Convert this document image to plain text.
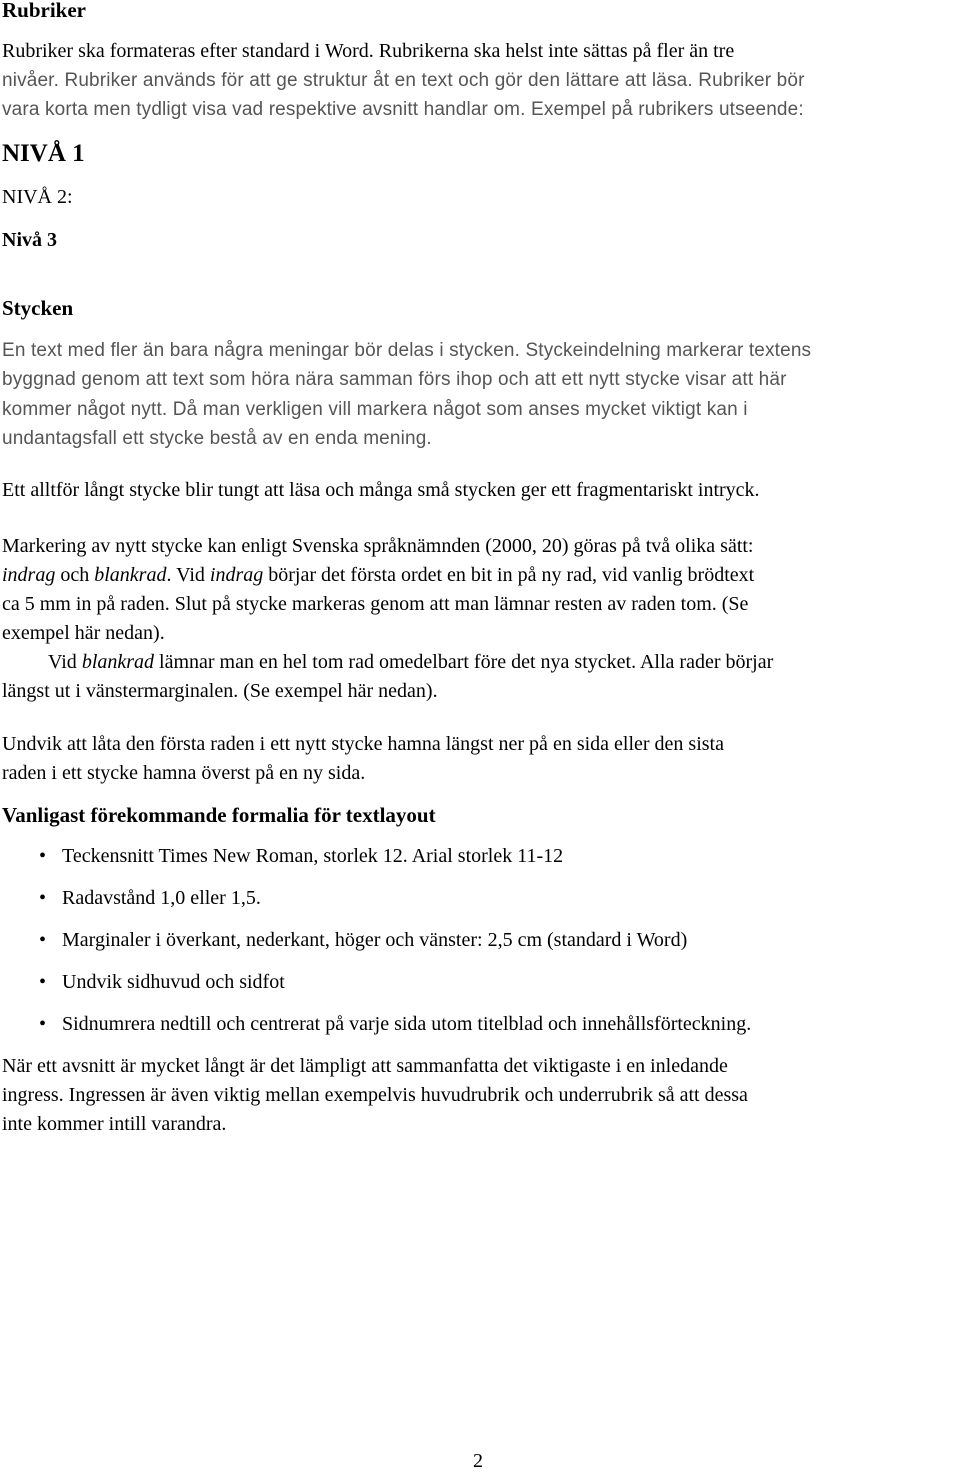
Rubriker
Rubriker ska formateras efter standard i Word. Rubrikerna ska helst inte sättas på fler än tre
nivåer. Rubriker används för att ge struktur åt en text och gör den lättare att läsa. Rubriker bör
vara korta men tydligt visa vad respektive avsnitt handlar om. Exempel på rubrikers utseende:
NIVÅ 1
NIVÅ 2:
Nivå 3
Stycken
En text med fler än bara några meningar bör delas i stycken. Styckeindelning markerar textens
byggnad genom att text som höra nära samman förs ihop och att ett nytt stycke visar att här
kommer något nytt. Då man verkligen vill markera något som anses mycket viktigt kan i
undantagsfall ett stycke bestå av en enda mening.
Ett alltför långt stycke blir tungt att läsa och många små stycken ger ett fragmentariskt intryck.
Markering av nytt stycke kan enligt Svenska språknämnden (2000, 20) göras på två olika sätt:
indrag och blankrad. Vid indrag börjar det första ordet en bit in på ny rad, vid vanlig brödtext
ca 5 mm in på raden. Slut på stycke markeras genom att man lämnar resten av raden tom. (Se
exempel här nedan).
Vid blankrad lämnar man en hel tom rad omedelbart före det nya stycket. Alla rader börjar
längst ut i vänstermarginalen. (Se exempel här nedan).
Undvik att låta den första raden i ett nytt stycke hamna längst ner på en sida eller den sista
raden i ett stycke hamna överst på en ny sida.
Vanligast förekommande formalia för textlayout
• Teckensnitt Times New Roman, storlek 12. Arial storlek 11-12
• Radavstånd 1,0 eller 1,5.
• Marginaler i överkant, nederkant, höger och vänster: 2,5 cm (standard i Word)
• Undvik sidhuvud och sidfot
• Sidnumrera nedtill och centrerat på varje sida utom titelblad och innehållsförteckning.
När ett avsnitt är mycket långt är det lämpligt att sammanfatta det viktigaste i en inledande
ingress. Ingressen är även viktig mellan exempelvis huvudrubrik och underrubrik så att dessa
inte kommer intill varandra.
2
